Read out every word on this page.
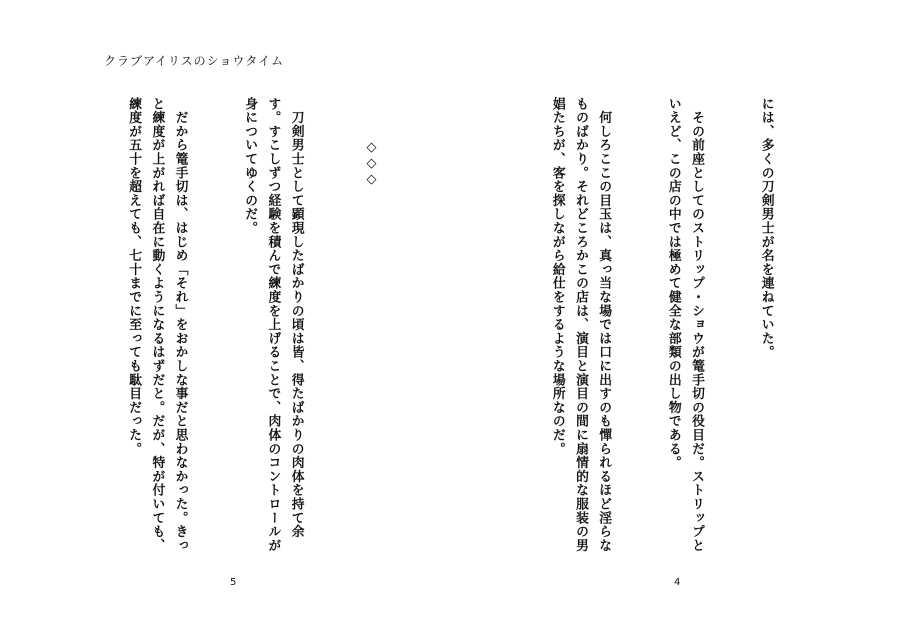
クラブアイリスのショウタイム
◇◇◇

　刀剣男士として顕現したばかりの頃は皆、得たばかりの肉体を持て余す。すこしずつ経験を積んで練度を上げることで、肉体のコントロールが身についてゆくのだ。

　だから篭手切は、はじめ「それ」をおかしな事だと思わなかった。きっと練度が上がれば自在に動くようになるはずだと。だが、特が付いても、練度が五十を超えても、七十までに至っても駄目だった。

5

には、多くの刀剣男士が名を連ねていた。

　その前座としてのストリップ・ショウが篭手切の役目だ。ストリップといえど、この店の中では極めて健全な部類の出し物である。

　何しろここの目玉は、真っ当な場では口に出すのも憚られるほど淫らなものばかり。それどころかこの店は、演目と演目の間に扇情的な服装の男娼たちが、客を探しながら給仕をするような場所なのだ。

4
